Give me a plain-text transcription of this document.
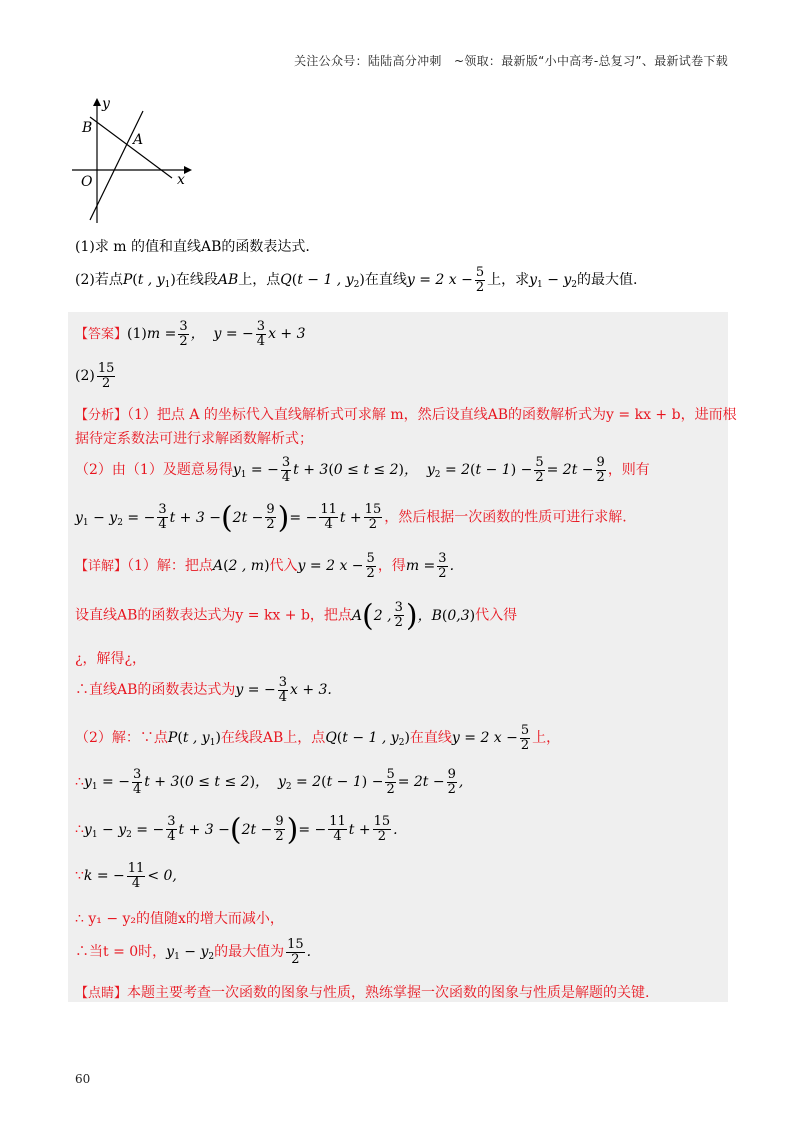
关注公众号：陆陆高分冲刺　~领取：最新版“小中高考-总复习”、最新试卷下载
y
B
A
O	x
(1)求 m 的值和直线AB的函数表达式.
(2)若点P(t , $y_1$)在线段AB上，点Q(t − 1 , $y_2$)在直线y = 2 $x - \frac{5}{2}$ 上，求$y_1 - y_2$的最大值.
【答案】$(1)m = \frac{3}{2}$ ，  y = − $\frac{3}{4}$ x + 3
$(2) \frac{15}{2}$
【分析】（1）把点 A 的坐标代入直线解析式可求解 m，然后设直线AB的函数解析式为y = kx + b，进而根
据待定系数法可进行求解函数解析式；
（2）由（1）及题意易得$y_1$ = − $\frac{3}{4}$ t + 3(0 ≤ t ≤ 2)，  $y_2 = 2(t - 1) - \frac{5}{2} = 2t - \frac{9}{2}$ ，则有
$y_1 - y_2$ = − $\frac{3}{4}$ $t + 3 -(2t - \frac{9}{2}$ )= − $\frac{11}{4}$ $t + \frac{15}{2}$ ，然后根据一次函数的性质可进行求解.
【详解】（1）解：把点A(2 , m)代入y = 2 $x - \frac{5}{2}$ ，得$m = \frac{3}{2}$ .
设直线AB的函数表达式为y = kx + b，把点A(2 , $\frac{3}{2}$ )，B(0,3)代入得
¿，解得¿，
∴直线AB的函数表达式为y = − $\frac{3}{4}$ x + 3.
（2）解：∵点P(t , $y_1$)在线段AB上，点Q(t − 1 , $y_2$)在直线y = 2 $x - \frac{5}{2}$ 上，
$\therefore y_1$ = − $\frac{3}{4}$ t + 3(0 ≤ t ≤ 2)，  $y_2 = 2(t - 1) - \frac{5}{2} = 2t - \frac{9}{2}$ ,
$\therefore y_1 - y_2$ = − $\frac{3}{4}$ $t + 3 -(2t - \frac{9}{2}$ )= − $\frac{11}{4}$ $t + \frac{15}{2}$ .
∵k = − $\frac{11}{4} < 0$,
∴ y₁ − y₂的值随x的增大而减小，
∴当t = 0时，$y_1 - y_2$的最大值为 $\frac{15}{2}$ .
【点睛】本题主要考查一次函数的图象与性质，熟练掌握一次函数的图象与性质是解题的关键.
60
